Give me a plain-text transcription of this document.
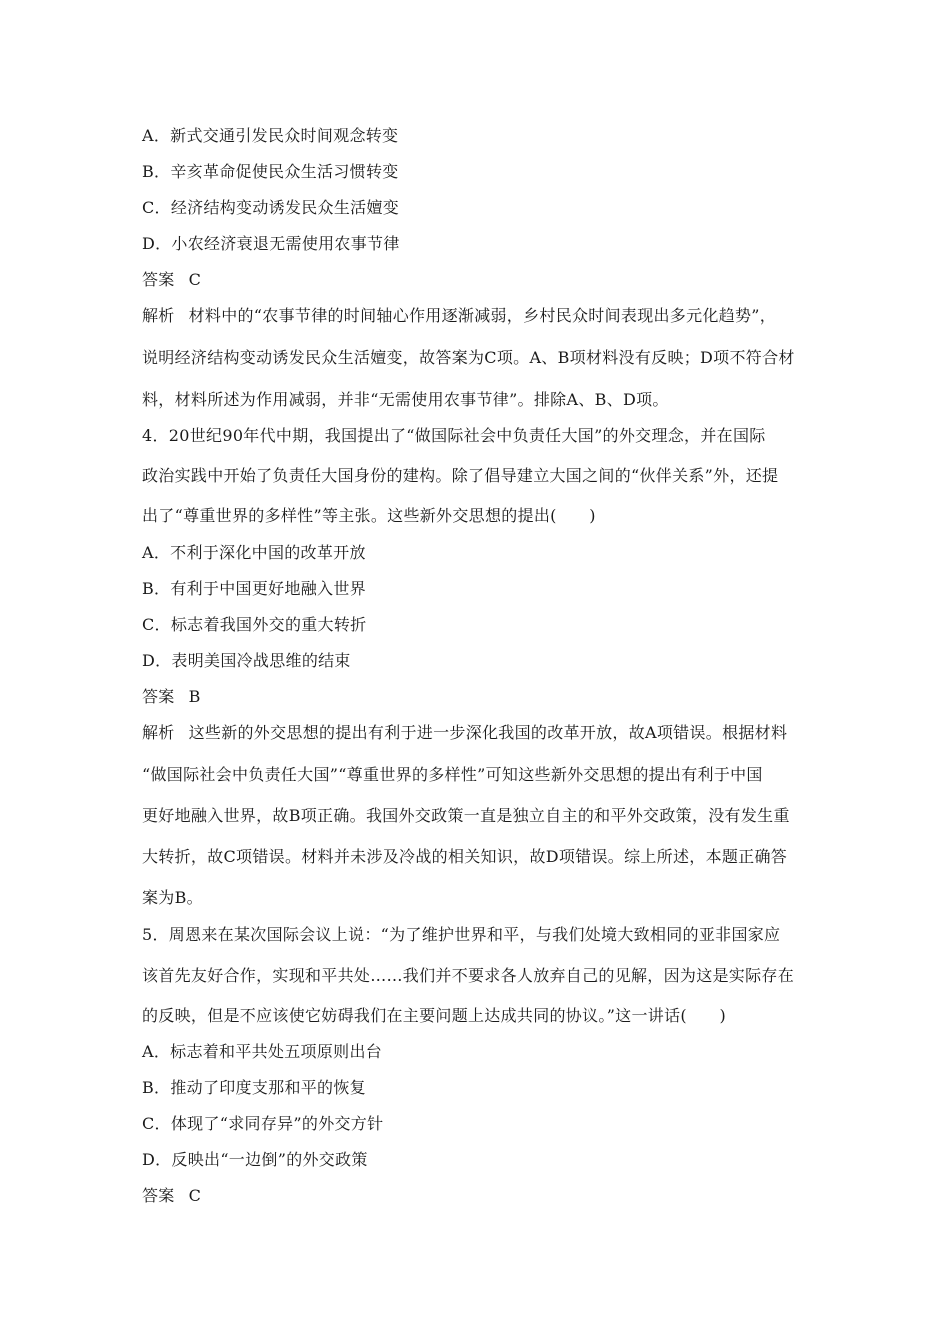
A．新式交通引发民众时间观念转变
B．辛亥革命促使民众生活习惯转变
C．经济结构变动诱发民众生活嬗变
D．小农经济衰退无需使用农事节律
答案 C
解析 材料中的“农事节律的时间轴心作用逐渐减弱，乡村民众时间表现出多元化趋势”，
说明经济结构变动诱发民众生活嬗变，故答案为C项。A、B项材料没有反映；D项不符合材
料，材料所述为作用减弱，并非“无需使用农事节律”。排除A、B、D项。
4．20世纪90年代中期，我国提出了“做国际社会中负责任大国”的外交理念，并在国际
政治实践中开始了负责任大国身份的建构。除了倡导建立大国之间的“伙伴关系”外，还提
出了“尊重世界的多样性”等主张。这些新外交思想的提出(　　)
A．不利于深化中国的改革开放
B．有利于中国更好地融入世界
C．标志着我国外交的重大转折
D．表明美国冷战思维的结束
答案 B
解析 这些新的外交思想的提出有利于进一步深化我国的改革开放，故A项错误。根据材料
“做国际社会中负责任大国”“尊重世界的多样性”可知这些新外交思想的提出有利于中国
更好地融入世界，故B项正确。我国外交政策一直是独立自主的和平外交政策，没有发生重
大转折，故C项错误。材料并未涉及冷战的相关知识，故D项错误。综上所述，本题正确答
案为B。
5．周恩来在某次国际会议上说：“为了维护世界和平，与我们处境大致相同的亚非国家应
该首先友好合作，实现和平共处……我们并不要求各人放弃自己的见解，因为这是实际存在
的反映，但是不应该使它妨碍我们在主要问题上达成共同的协议。”这一讲话(　　)
A．标志着和平共处五项原则出台
B．推动了印度支那和平的恢复
C．体现了“求同存异”的外交方针
D．反映出“一边倒”的外交政策
答案 C
